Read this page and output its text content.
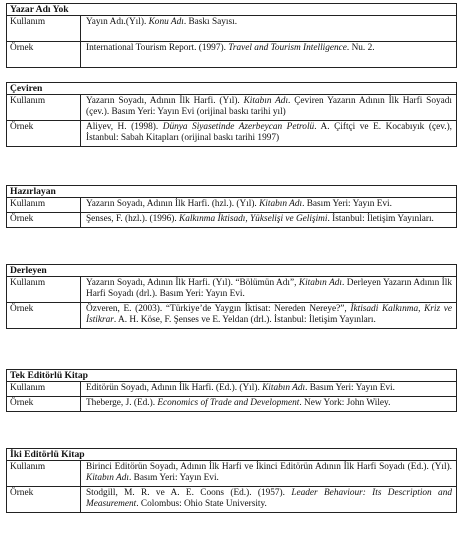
Yazar Adı Yok	
Kullanım	Yayın Adı.(Yıl). Konu Adı. Baskı Sayısı.
Örnek	International Tourism Report. (1997). Travel and Tourism Intelligence. Nu. 2.
Çeviren	
Kullanım	Yazarın Soyadı, Adının İlk Harfi. (Yıl). Kitabın Adı. Çeviren Yazarın Adının İlk Harfi Soyadı (çev.). Basım Yeri: Yayın Evi (orijinal baskı tarihi yıl)
Örnek	Aliyev, H. (1998). Dünya Siyasetinde Azerbeycan Petrolü. A. Çiftçi ve E. Kocabıyık (çev.), İstanbul: Sabah Kitapları (orijinal baskı tarihi 1997)
Hazırlayan	
Kullanım	Yazarın Soyadı, Adının İlk Harfi. (hzl.). (Yıl). Kitabın Adı. Basım Yeri: Yayın Evi.
Örnek	Şenses, F. (hzl.). (1996). Kalkınma İktisadı, Yükselişi ve Gelişimi. İstanbul: İletişim Yayınları.
Derleyen	
Kullanım	Yazarın Soyadı, Adının İlk Harfi. (Yıl). “Bölümün Adı”, Kitabın Adı. Derleyen Yazarın Adının İlk Harfi Soyadı (drl.). Basım Yeri: Yayın Evi.
Örnek	Özveren, E. (2003). “Türkiye’de Yaygın İktisat: Nereden Nereye?”, İktisadi Kalkınma, Kriz ve İstikrar. A. H. Köse, F. Şenses ve E. Yeldan (drl.). İstanbul: İletişim Yayınları.
Tek Editörlü Kitap	
Kullanım	Editörün Soyadı, Adının İlk Harfi. (Ed.). (Yıl). Kitabın Adı. Basım Yeri: Yayın Evi.
Örnek	Theberge, J. (Ed.). Economics of Trade and Development. New York: John Wiley.
İki Editörlü Kitap	
Kullanım	Birinci Editörün Soyadı, Adının İlk Harfi ve İkinci Editörün Adının İlk Harfi Soyadı (Ed.). (Yıl). Kitabın Adı. Basım Yeri: Yayın Evi.
Örnek	Stodgill, M. R. ve A. E. Coons (Ed.). (1957). Leader Behaviour: Its Description and Measurement. Colombus: Ohio State University.
